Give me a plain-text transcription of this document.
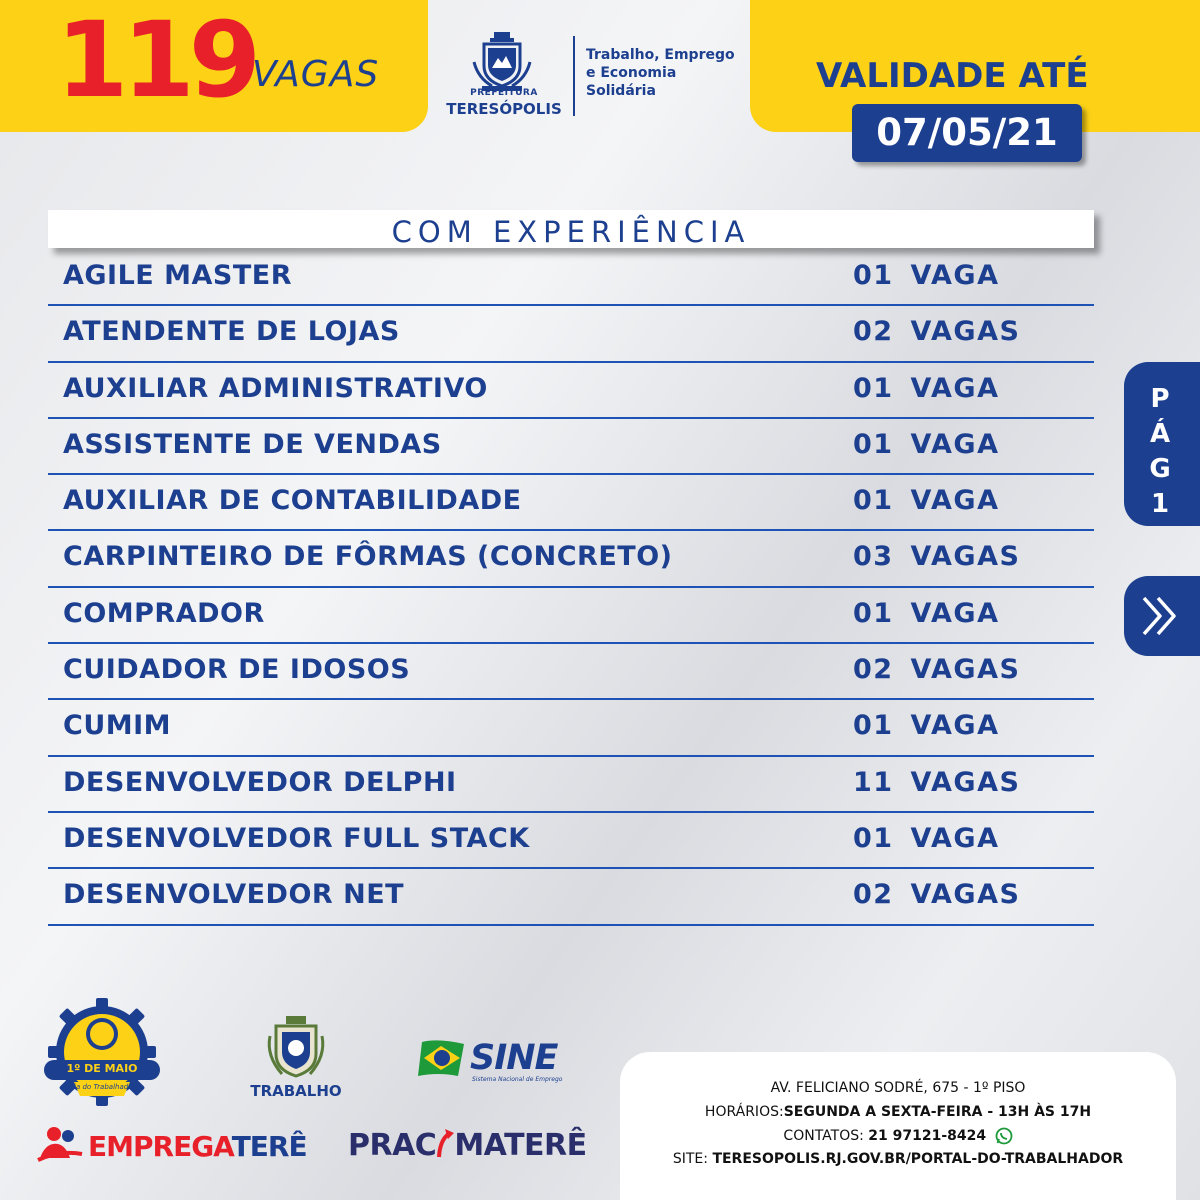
119
VAGAS	PREFEITURA
TERESÓPOLIS
Trabalho, Emprego
e Economia
Solidária	VALIDADE ATÉ
07/05/21
COM EXPERIÊNCIA
AGILE MASTER	01 VAGA
ATENDENTE DE LOJAS	02 VAGAS
AUXILIAR ADMINISTRATIVO	01 VAGA
ASSISTENTE DE VENDAS	01 VAGA
AUXILIAR DE CONTABILIDADE	01 VAGA
CARPINTEIRO DE FÔRMAS (CONCRETO)	03 VAGAS
COMPRADOR	01 VAGA
CUIDADOR DE IDOSOS	02 VAGAS
CUMIM	01 VAGA
DESENVOLVEDOR DELPHI	11 VAGAS
DESENVOLVEDOR FULL STACK	01 VAGA
DESENVOLVEDOR NET	02 VAGAS
P
Á
G
1
1º DE MAIO
Dia do Trabalhador	TRABALHO
SINE
Sistema Nacional de Emprego
EMPREGATERÊ PRAC MATERÊ
AV. FELICIANO SODRÉ, 675 - 1º PISO
HORÁRIOS:SEGUNDA A SEXTA-FEIRA - 13H ÀS 17H
CONTATOS: 21 97121-8424
SITE: TERESOPOLIS.RJ.GOV.BR/PORTAL-DO-TRABALHADOR
